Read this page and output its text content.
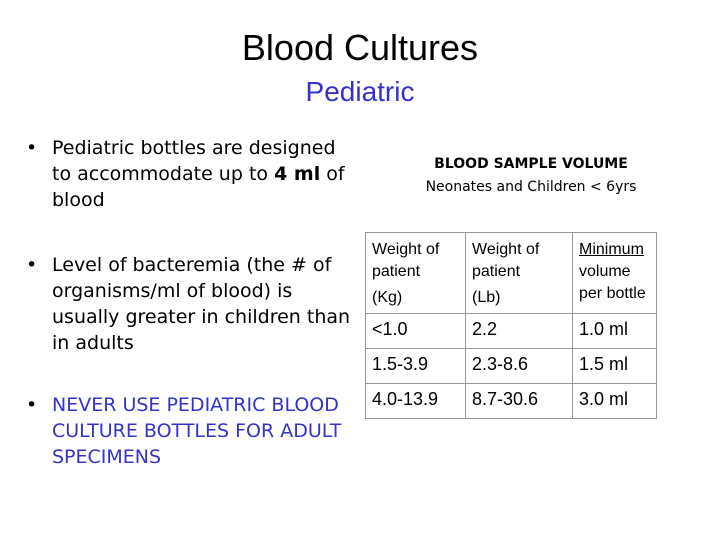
Blood Cultures
Pediatric
• Pediatric bottles are designed to accommodate up to 4 ml of blood
• Level of bacteremia (the # of organisms/ml of blood) is usually greater in children than in adults
• NEVER USE PEDIATRIC BLOOD CULTURE BOTTLES FOR ADULT SPECIMENS
BLOOD SAMPLE VOLUME
Neonates and Children < 6yrs
Weight of
patient
(Kg)	Weight of
patient
(Lb)	Minimum
volume
per bottle

<1.0	2.2	1.0 ml
1.5-3.9	2.3-8.6	1.5 ml
4.0-13.9	8.7-30.6	3.0 ml
